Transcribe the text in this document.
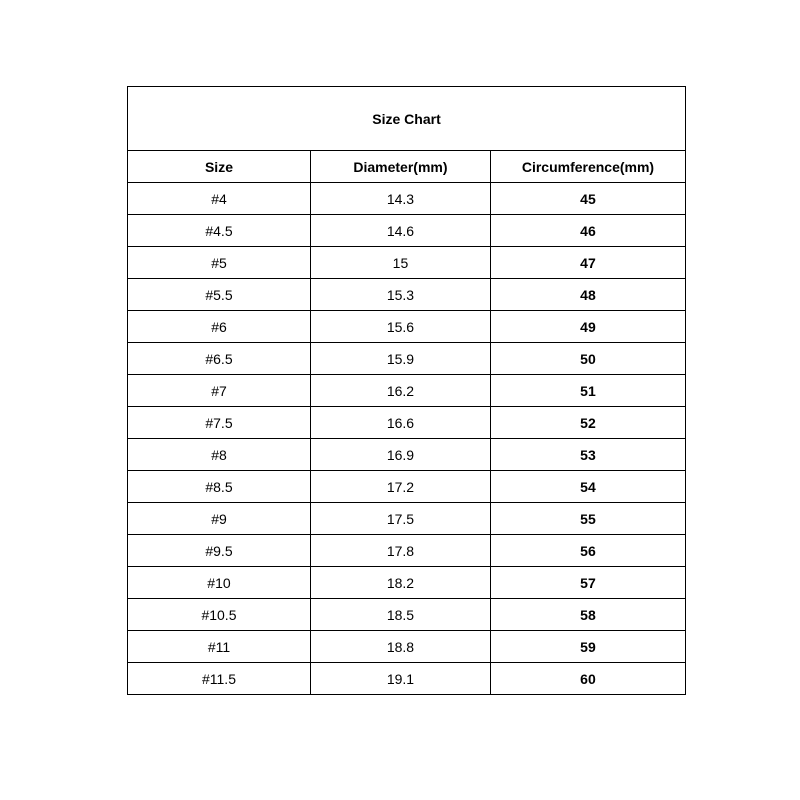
Size Chart		
Size	Diameter(mm)	Circumference(mm)
#4	14.3	45
#4.5	14.6	46
#5	15	47
#5.5	15.3	48
#6	15.6	49
#6.5	15.9	50
#7	16.2	51
#7.5	16.6	52
#8	16.9	53
#8.5	17.2	54
#9	17.5	55
#9.5	17.8	56
#10	18.2	57
#10.5	18.5	58
#11	18.8	59
#11.5	19.1	60
